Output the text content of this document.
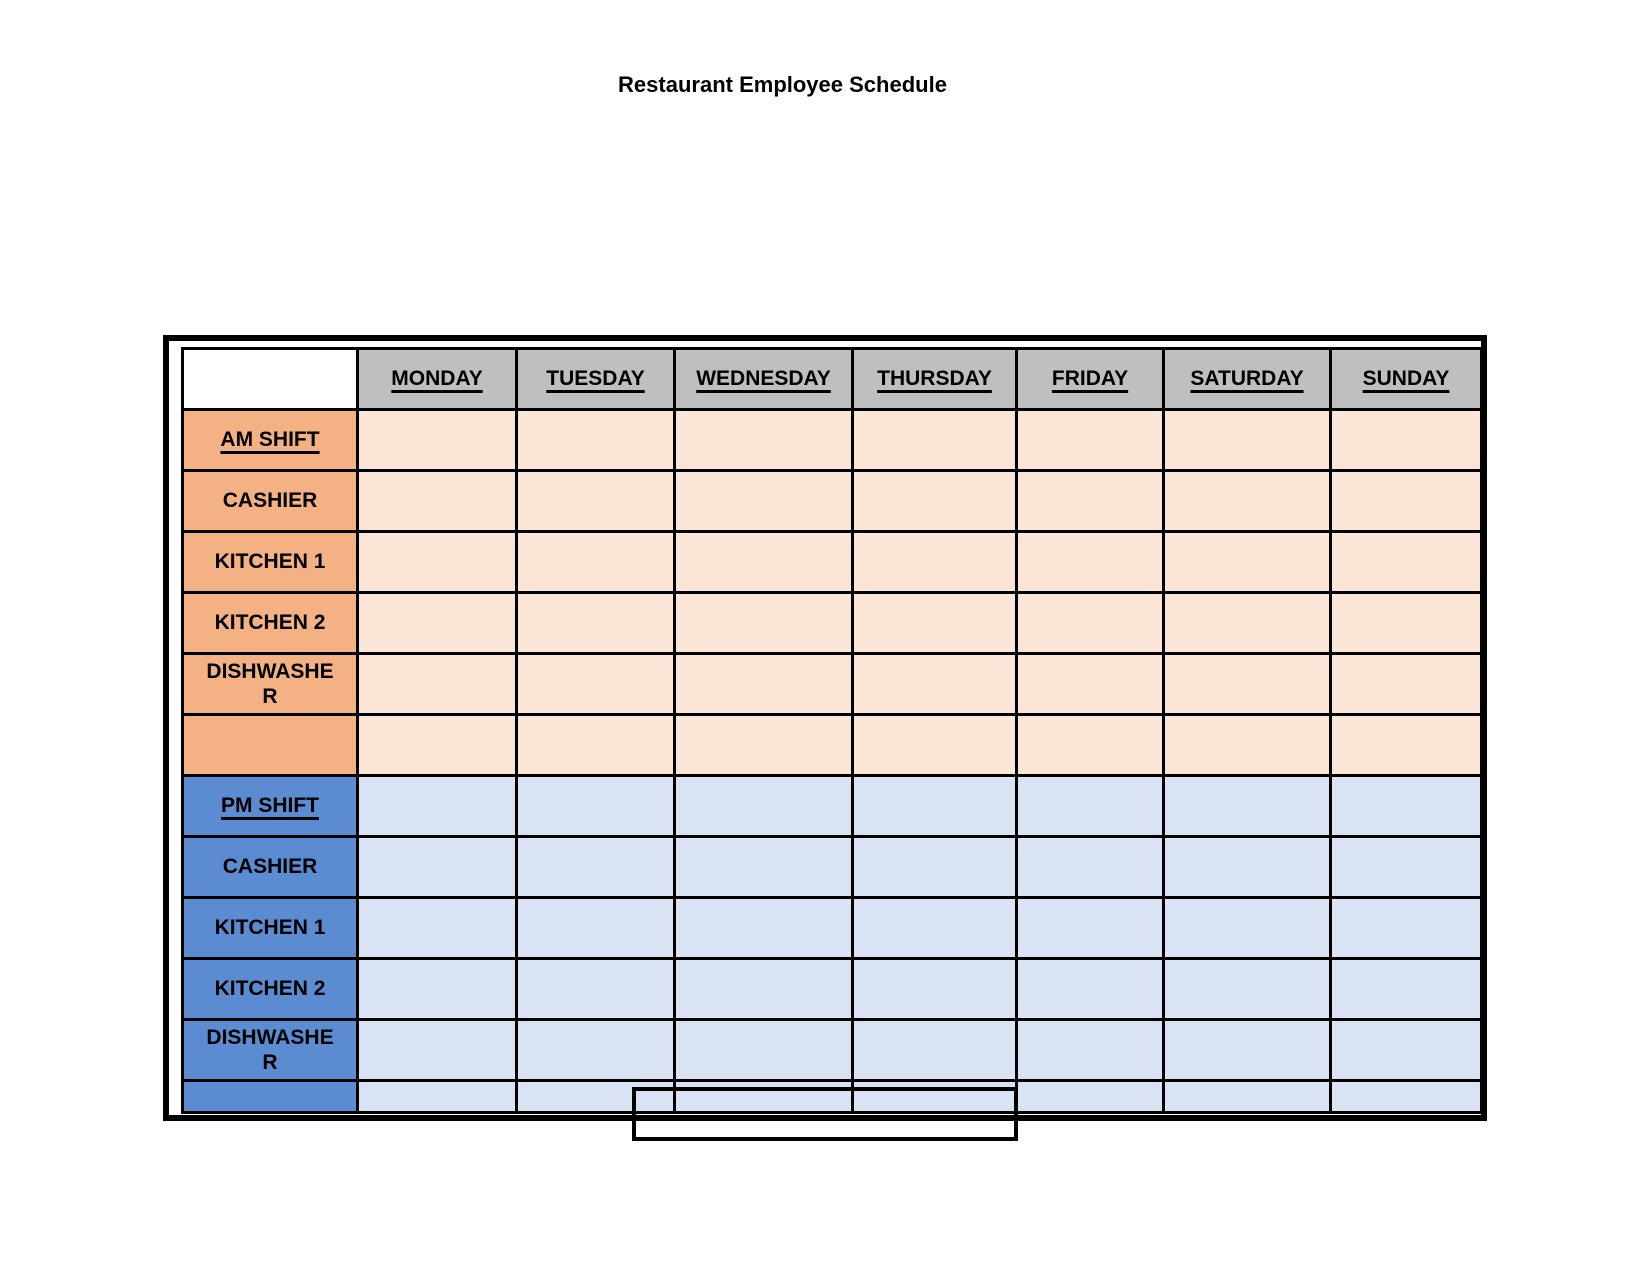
Restaurant Employee Schedule
	MONDAY	TUESDAY	WEDNESDAY	THURSDAY	FRIDAY	SATURDAY	SUNDAY
AM SHIFT							
CASHIER							
KITCHEN 1							
KITCHEN 2							
DISHWASHER							

PM SHIFT							
CASHIER							
KITCHEN 1							
KITCHEN 2							
DISHWASHER							
